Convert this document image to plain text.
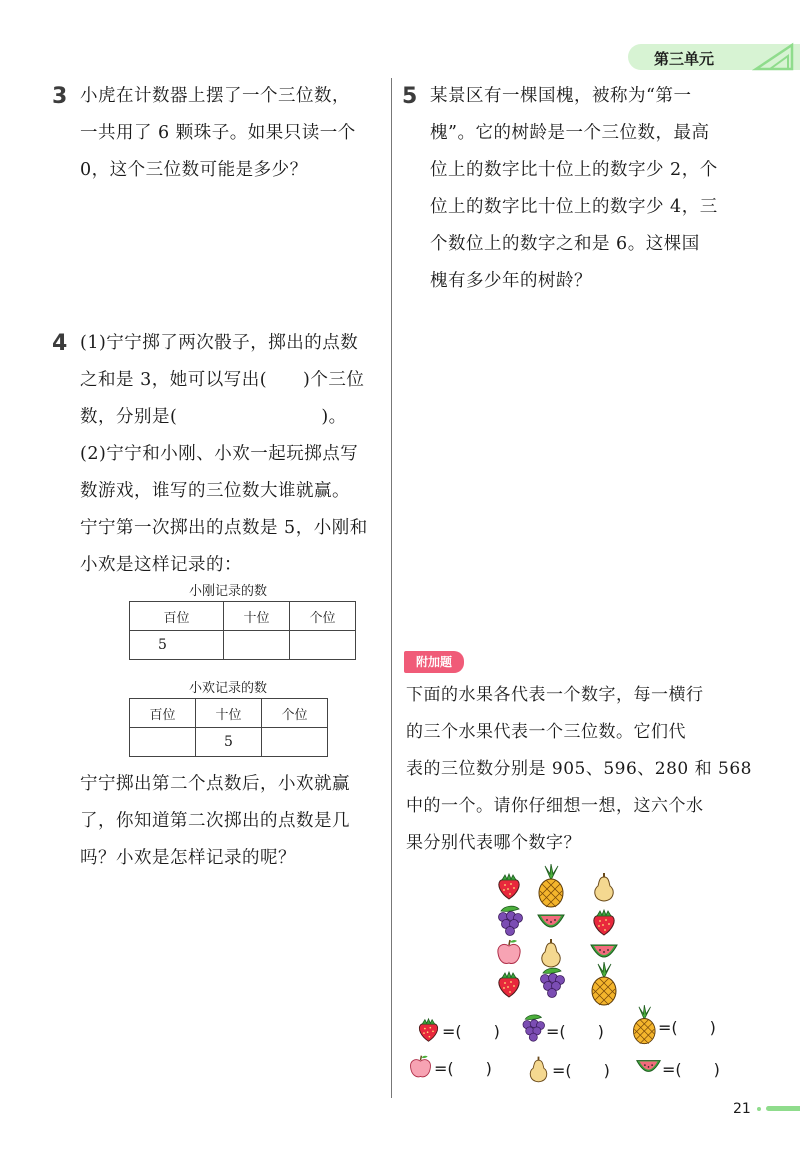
第三单元
3 小虎在计数器上摆了一个三位数，
一共用了 6 颗珠子。如果只读一个
0，这个三位数可能是多少？
4 (1)宁宁掷了两次骰子，掷出的点数
之和是 3，她可以写出(　　)个三位
数，分别是(　　　　　　　　)。
(2)宁宁和小刚、小欢一起玩掷点写
数游戏，谁写的三位数大谁就赢。
宁宁第一次掷出的点数是 5，小刚和
小欢是这样记录的：
小刚记录的数
百位	十位	个位
5		
小欢记录的数
百位	十位	个位
	5	
宁宁掷出第二个点数后，小欢就赢
了，你知道第二次掷出的点数是几
吗？小欢是怎样记录的呢？
5 某景区有一棵国槐，被称为“第一
槐”。它的树龄是一个三位数，最高
位上的数字比十位上的数字少 2，个
位上的数字比十位上的数字少 4，三
个数位上的数字之和是 6。这棵国
槐有多少年的树龄？
附加题
下面的水果各代表一个数字，每一横行
的三个水果代表一个三位数。它们代
表的三位数分别是 905、596、280 和 568
中的一个。请你仔细想一想，这六个水
果分别代表哪个数字？
21
=(　　)	=(　　)	=(　　)
=(　　)	=(　　)	=(　　)
